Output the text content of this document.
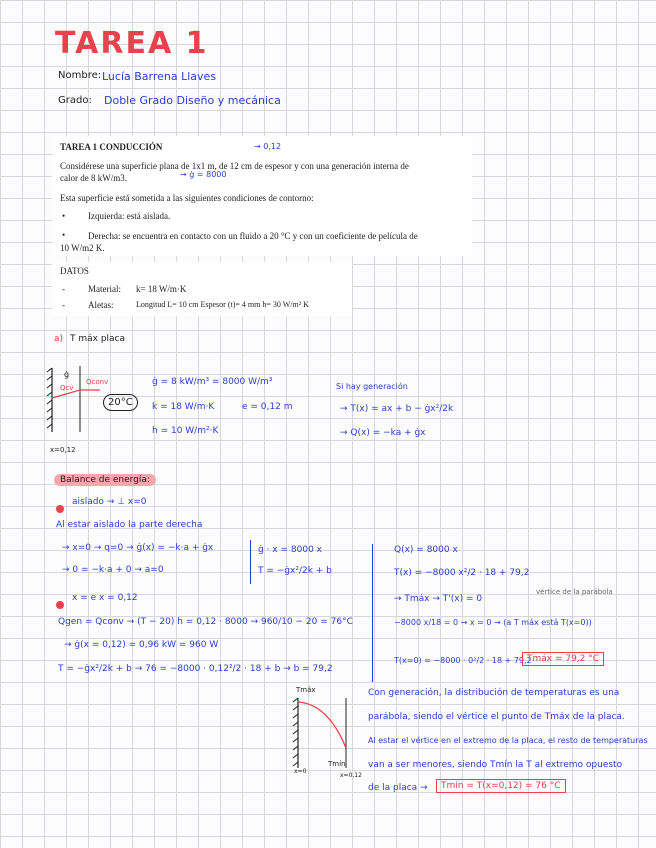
TAREA 1
Nombre: Lucía Barrena Llaves
Grado: Doble Grado Diseño y mecánica
TAREA 1 CONDUCCIÓN	→ 0,12
Considérese una superficie plana de 1x1 m, de 12 cm de espesor y con una generación interna de calor de 8 kW/m3.	→ ġ = 8000
Esta superficie está sometida a las siguientes condiciones de contorno:
•	Izquierda: está aislada.
•	Derecha: se encuentra en contacto con un fluido a 20 °C y con un coeficiente de película de 10 W/m2 K.
DATOS
-	Material: k= 18 W/m·K
-	Aletas:	Longitud L= 10 cm Espesor (t)= 4 mm h= 30 W/m² K
a) T máx placa
ġ
Qcv
Qconv
20°C
x=0,12
ġ = 8 kW/m³ = 8000 W/m³
k = 18 W/m·K	e = 0,12 m
h = 10 W/m²·K
Si hay generación
→ T(x) = ax + b − ġx²/2k
→ Q(x) = −ka + ġx
Balance de energía:
aislado → ⊥ x=0
Al estar aislado la parte derecha
→ x=0 → q=0 → ġ(x) = −k·a + ġx
→ 0 = −k·a + 0 → a=0
ġ · x = 8000 x
T = −ġx²/2k + b
x = e x = 0,12
Qgen = Qconv → (T − 20) h = 0,12 · 8000 → 960/10 − 20 = 76°C
→ ġ(x = 0,12) = 0,96 kW = 960 W
T = −ġx²/2k + b → 76 = −8000 · 0,12²/2 · 18 + b → b = 79,2
Q(x) = 8000 x
T(x) = −8000 x²/2 · 18 + 79,2
→ Tmáx → T'(x) = 0
vértice de la parábola
−8000 x/18 = 0 → x = 0 → (a T máx está T(x=0))
T(x=0) = −8000 · 0²/2 · 18 + 79,2
Tmáx = 79,2 °C
Tmáx
Tmín
x=0
x=0,12
Con generación, la distribución de temperaturas es una
parábola, siendo el vértice el punto de Tmáx de la placa.
Al estar el vértice en el extremo de la placa, el resto de temperaturas
van a ser menores, siendo Tmín la T al extremo opuesto
de la placa →	Tmín = T(x=0,12) = 76 °C
